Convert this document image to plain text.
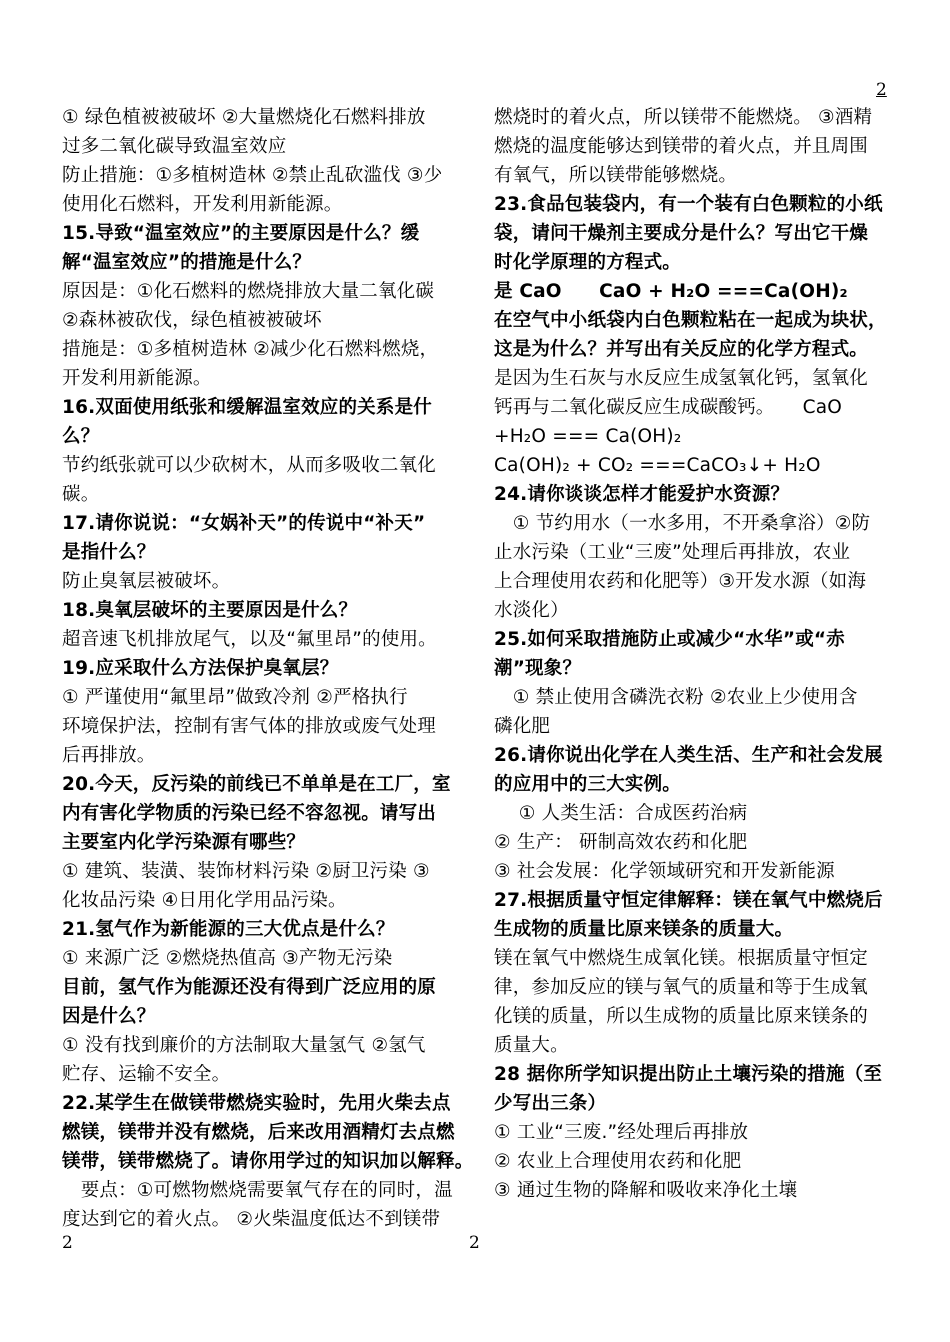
2
① 绿色植被被破坏 ②大量燃烧化石燃料排放
过多二氧化碳导致温室效应
防止措施：①多植树造林 ②禁止乱砍滥伐 ③少
使用化石燃料，开发利用新能源。
15.导致“温室效应”的主要原因是什么？缓
解“温室效应”的措施是什么？
原因是：①化石燃料的燃烧排放大量二氧化碳
②森林被砍伐，绿色植被被破坏
措施是：①多植树造林 ②减少化石燃料燃烧，
开发利用新能源。
16.双面使用纸张和缓解温室效应的关系是什
么？
节约纸张就可以少砍树木，从而多吸收二氧化
碳。
17.请你说说：“女娲补天”的传说中“补天”
是指什么？
防止臭氧层被破坏。
18.臭氧层破坏的主要原因是什么？
超音速飞机排放尾气，以及“氟里昂”的使用。
19.应采取什么方法保护臭氧层？
① 严谨使用“氟里昂”做致冷剂 ②严格执行
环境保护法，控制有害气体的排放或废气处理
后再排放。
20.今天，反污染的前线已不单单是在工厂，室
内有害化学物质的污染已经不容忽视。请写出
主要室内化学污染源有哪些？
① 建筑、装潢、装饰材料污染 ②厨卫污染 ③
化妆品污染 ④日用化学用品污染。
21.氢气作为新能源的三大优点是什么？
① 来源广泛 ②燃烧热值高 ③产物无污染
目前，氢气作为能源还没有得到广泛应用的原
因是什么？
① 没有找到廉价的方法制取大量氢气 ②氢气
贮存、运输不安全。
22.某学生在做镁带燃烧实验时，先用火柴去点
燃镁，镁带并没有燃烧，后来改用酒精灯去点燃
镁带，镁带燃烧了。请你用学过的知识加以解释。
　要点：①可燃物燃烧需要氧气存在的同时，温
度达到它的着火点。 ②火柴温度低达不到镁带
燃烧时的着火点，所以镁带不能燃烧。 ③酒精
燃烧的温度能够达到镁带的着火点，并且周围
有氧气，所以镁带能够燃烧。
23.食品包装袋内，有一个装有白色颗粒的小纸
袋，请问干燥剂主要成分是什么？写出它干燥
时化学原理的方程式。
是 CaO　　CaO + H₂O ===Ca(OH)₂
在空气中小纸袋内白色颗粒粘在一起成为块状，
这是为什么？并写出有关反应的化学方程式。
是因为生石灰与水反应生成氢氧化钙，氢氧化
钙再与二氧化碳反应生成碳酸钙。　　CaO
+H₂O === Ca(OH)₂
Ca(OH)₂ + CO₂ ===CaCO₃↓+ H₂O
24.请你谈谈怎样才能爱护水资源？
　① 节约用水（一水多用，不开桑拿浴）②防
止水污染（工业“三废”处理后再排放，农业
上合理使用农药和化肥等）③开发水源（如海
水淡化）
25.如何采取措施防止或减少“水华”或“赤
潮”现象？
　① 禁止使用含磷洗衣粉 ②农业上少使用含
磷化肥
26.请你说出化学在人类生活、生产和社会发展
的应用中的三大实例。
　 ① 人类生活：合成医药治病
② 生产： 研制高效农药和化肥
③ 社会发展：化学领域研究和开发新能源
27.根据质量守恒定律解释：镁在氧气中燃烧后
生成物的质量比原来镁条的质量大。
镁在氧气中燃烧生成氧化镁。根据质量守恒定
律，参加反应的镁与氧气的质量和等于生成氧
化镁的质量，所以生成物的质量比原来镁条的
质量大。
28 据你所学知识提出防止土壤污染的措施（至
少写出三条）
① 工业“三废.”经处理后再排放
② 农业上合理使用农药和化肥
③ 通过生物的降解和吸收来净化土壤
2	2
